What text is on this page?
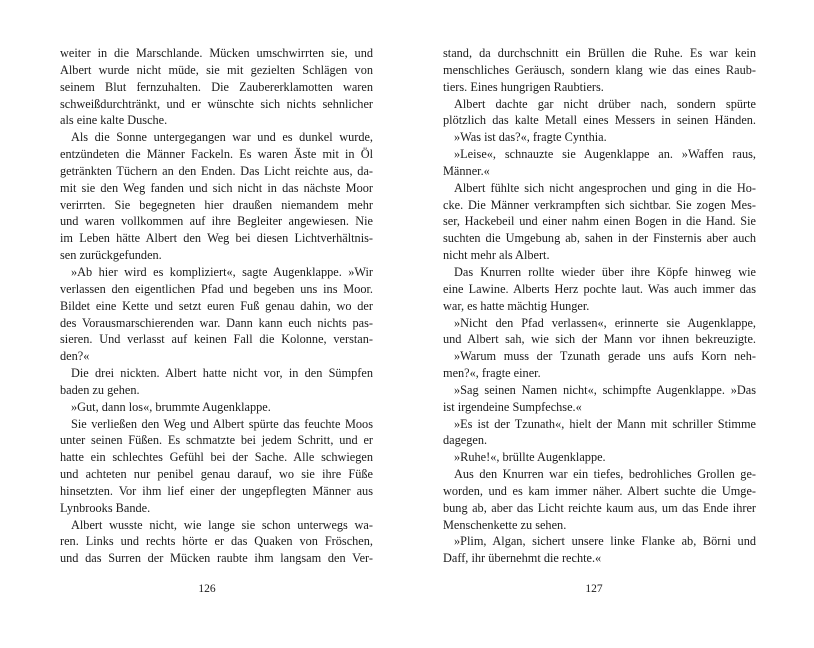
weiter in die Marschlande. Mücken umschwirrten sie, und
Albert wurde nicht müde, sie mit gezielten Schlägen von
seinem Blut fernzuhalten. Die Zaubererklamotten waren
schweißdurchtränkt, und er wünschte sich nichts sehnlicher
als eine kalte Dusche.
Als die Sonne untergegangen war und es dunkel wurde,
entzündeten die Männer Fackeln. Es waren Äste mit in Öl
getränkten Tüchern an den Enden. Das Licht reichte aus, da-
mit sie den Weg fanden und sich nicht in das nächste Moor
verirrten. Sie begegneten hier draußen niemandem mehr
und waren vollkommen auf ihre Begleiter angewiesen. Nie
im Leben hätte Albert den Weg bei diesen Lichtverhältnis-
sen zurückgefunden.
»Ab hier wird es kompliziert«, sagte Augenklappe. »Wir
verlassen den eigentlichen Pfad und begeben uns ins Moor.
Bildet eine Kette und setzt euren Fuß genau dahin, wo der
des Vorausmarschierenden war. Dann kann euch nichts pas-
sieren. Und verlasst auf keinen Fall die Kolonne, verstan-
den?«
Die drei nickten. Albert hatte nicht vor, in den Sümpfen
baden zu gehen.
»Gut, dann los«, brummte Augenklappe.
Sie verließen den Weg und Albert spürte das feuchte Moos
unter seinen Füßen. Es schmatzte bei jedem Schritt, und er
hatte ein schlechtes Gefühl bei der Sache. Alle schwiegen
und achteten nur penibel genau darauf, wo sie ihre Füße
hinsetzten. Vor ihm lief einer der ungepflegten Männer aus
Lynbrooks Bande.
Albert wusste nicht, wie lange sie schon unterwegs wa-
ren. Links und rechts hörte er das Quaken von Fröschen,
und das Surren der Mücken raubte ihm langsam den Ver-
126
stand, da durchschnitt ein Brüllen die Ruhe. Es war kein
menschliches Geräusch, sondern klang wie das eines Raub-
tiers. Eines hungrigen Raubtiers.
Albert dachte gar nicht drüber nach, sondern spürte
plötzlich das kalte Metall eines Messers in seinen Händen.
»Was ist das?«, fragte Cynthia.
»Leise«, schnauzte sie Augenklappe an. »Waffen raus,
Männer.«
Albert fühlte sich nicht angesprochen und ging in die Ho-
cke. Die Männer verkrampften sich sichtbar. Sie zogen Mes-
ser, Hackebeil und einer nahm einen Bogen in die Hand. Sie
suchten die Umgebung ab, sahen in der Finsternis aber auch
nicht mehr als Albert.
Das Knurren rollte wieder über ihre Köpfe hinweg wie
eine Lawine. Alberts Herz pochte laut. Was auch immer das
war, es hatte mächtig Hunger.
»Nicht den Pfad verlassen«, erinnerte sie Augenklappe,
und Albert sah, wie sich der Mann vor ihnen bekreuzigte.
»Warum muss der Tzunath gerade uns aufs Korn neh-
men?«, fragte einer.
»Sag seinen Namen nicht«, schimpfte Augenklappe. »Das
ist irgendeine Sumpfechse.«
»Es ist der Tzunath«, hielt der Mann mit schriller Stimme
dagegen.
»Ruhe!«, brüllte Augenklappe.
Aus den Knurren war ein tiefes, bedrohliches Grollen ge-
worden, und es kam immer näher. Albert suchte die Umge-
bung ab, aber das Licht reichte kaum aus, um das Ende ihrer
Menschenkette zu sehen.
»Plim, Algan, sichert unsere linke Flanke ab, Börni und
Daff, ihr übernehmt die rechte.«
127
